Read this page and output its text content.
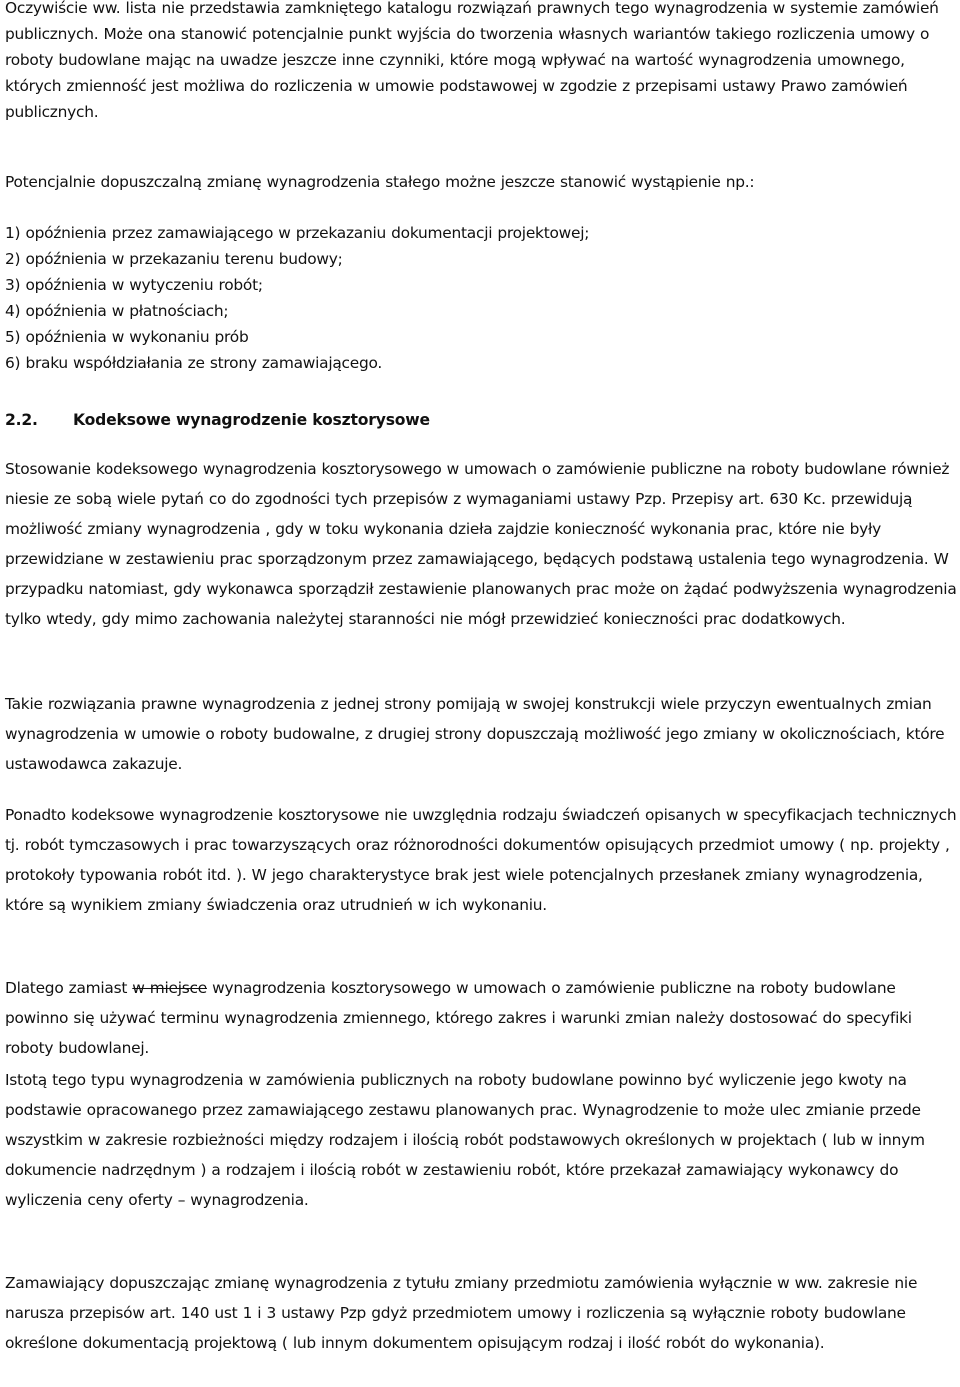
Oczywiście ww. lista nie przedstawia zamkniętego katalogu rozwiązań prawnych tego wynagrodzenia w systemie zamówień publicznych. Może ona stanowić potencjalnie punkt wyjścia do tworzenia własnych wariantów takiego rozliczenia umowy o roboty budowlane mając na uwadze jeszcze inne czynniki, które mogą wpływać na wartość wynagrodzenia umownego, których zmienność jest możliwa do rozliczenia w umowie podstawowej w zgodzie z przepisami ustawy Prawo zamówień publicznych.
Potencjalnie dopuszczalną zmianę wynagrodzenia stałego możne jeszcze stanowić wystąpienie np.:
1) opóźnienia przez zamawiającego w przekazaniu dokumentacji projektowej;
2) opóźnienia w przekazaniu terenu budowy;
3) opóźnienia w wytyczeniu robót;
4) opóźnienia w płatnościach;
5) opóźnienia w wykonaniu prób
6) braku współdziałania ze strony zamawiającego.
2.2. Kodeksowe wynagrodzenie kosztorysowe
Stosowanie kodeksowego wynagrodzenia kosztorysowego w umowach o zamówienie publiczne na roboty budowlane również niesie ze sobą wiele pytań co do zgodności tych przepisów z wymaganiami ustawy Pzp. Przepisy art. 630 Kc. przewidują możliwość zmiany wynagrodzenia , gdy w toku wykonania dzieła zajdzie konieczność wykonania prac, które nie były przewidziane w zestawieniu prac sporządzonym przez zamawiającego, będących podstawą ustalenia tego wynagrodzenia. W przypadku natomiast, gdy wykonawca sporządził zestawienie planowanych prac może on żądać podwyższenia wynagrodzenia tylko wtedy, gdy mimo zachowania należytej staranności nie mógł przewidzieć konieczności prac dodatkowych.
Takie rozwiązania prawne wynagrodzenia z jednej strony pomijają w swojej konstrukcji wiele przyczyn ewentualnych zmian wynagrodzenia w umowie o roboty budowalne, z drugiej strony dopuszczają możliwość jego zmiany w okolicznościach, które ustawodawca zakazuje.
Ponadto kodeksowe wynagrodzenie kosztorysowe nie uwzględnia rodzaju świadczeń opisanych w specyfikacjach technicznych tj. robót tymczasowych i prac towarzyszących oraz różnorodności dokumentów opisujących przedmiot umowy ( np. projekty , protokoły typowania robót itd. ). W jego charakterystyce brak jest wiele potencjalnych przesłanek zmiany wynagrodzenia, które są wynikiem zmiany świadczenia oraz utrudnień w ich wykonaniu.
Dlatego zamiast w miejsce wynagrodzenia kosztorysowego w umowach o zamówienie publiczne na roboty budowlane powinno się używać terminu wynagrodzenia zmiennego, którego zakres i warunki zmian należy dostosować do specyfiki roboty budowlanej.
Istotą tego typu wynagrodzenia w zamówienia publicznych na roboty budowlane powinno być wyliczenie jego kwoty na podstawie opracowanego przez zamawiającego zestawu planowanych prac. Wynagrodzenie to może ulec zmianie przede wszystkim w zakresie rozbieżności między rodzajem i ilością robót podstawowych określonych w projektach ( lub w innym dokumencie nadrzędnym ) a rodzajem i ilością robót w zestawieniu robót, które przekazał zamawiający wykonawcy do wyliczenia ceny oferty – wynagrodzenia.
Zamawiający dopuszczając zmianę wynagrodzenia z tytułu zmiany przedmiotu zamówienia wyłącznie w ww. zakresie nie narusza przepisów art. 140 ust 1 i 3 ustawy Pzp gdyż przedmiotem umowy i rozliczenia są wyłącznie roboty budowlane określone dokumentacją projektową ( lub innym dokumentem opisującym rodzaj i ilość robót do wykonania).
